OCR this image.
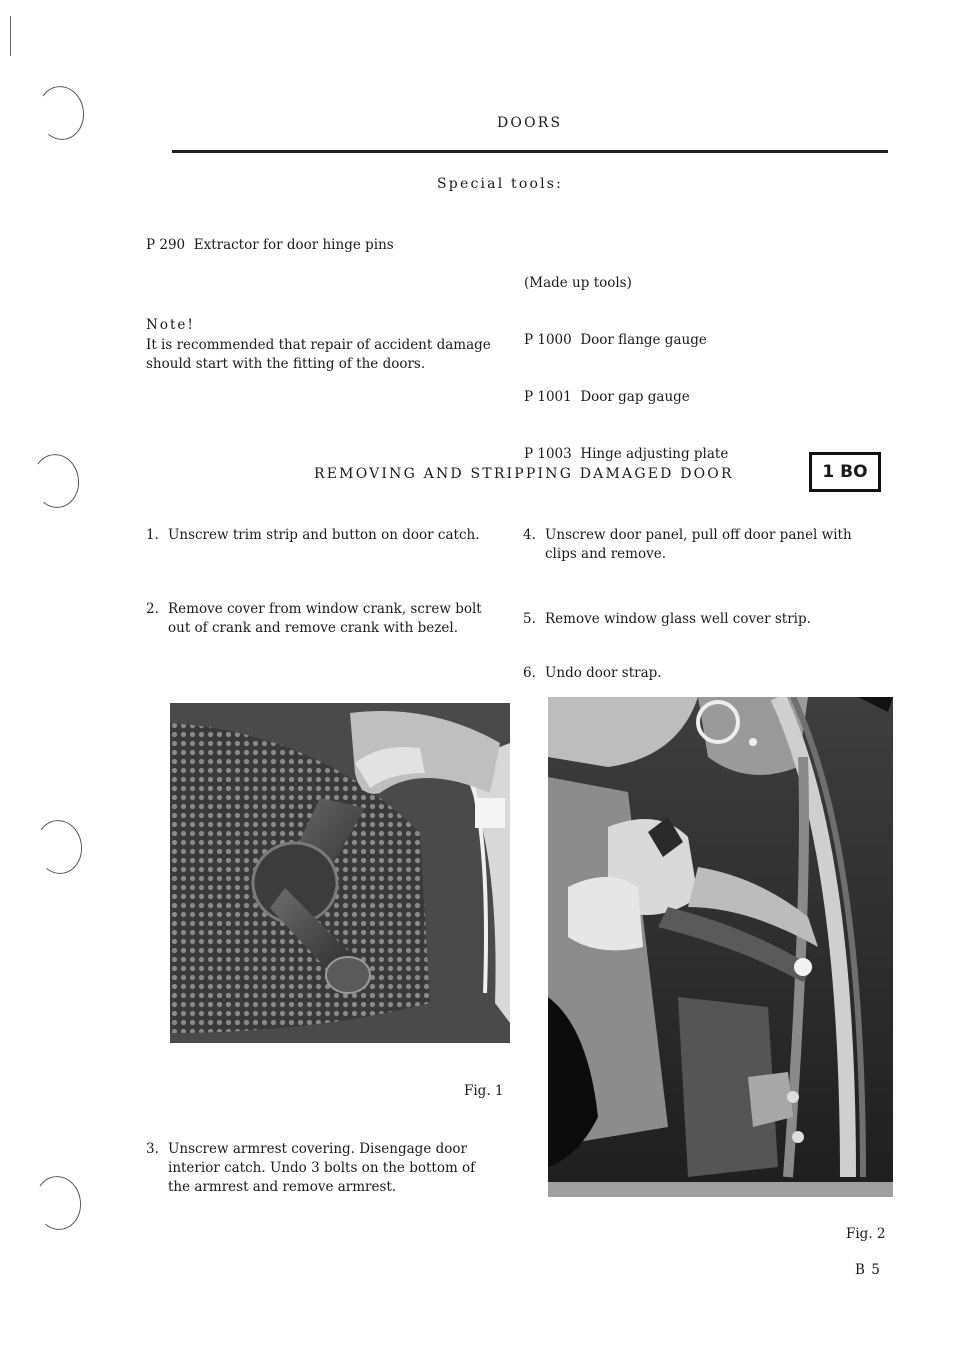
DOORS
Special tools:
P 290  Extractor for door hinge pins

(Made up tools)

P 1000  Door flange gauge

P 1001  Door gap gauge

P 1003  Hinge adjusting plate

Note!
It is recommended that repair of accident damage
should start with the fitting of the doors.
REMOVING AND STRIPPING DAMAGED DOOR	1 BO
1. Unscrew trim strip and button on door catch.
2. Remove cover from window crank, screw bolt
out of crank and remove crank with bezel.
4. Unscrew door panel, pull off door panel with
clips and remove.
5. Remove window glass well cover strip.
6. Undo door strap.
Fig. 1
3. Unscrew armrest covering. Disengage door
interior catch. Undo 3 bolts on the bottom of
the armrest and remove armrest.
Fig. 2
B 5
